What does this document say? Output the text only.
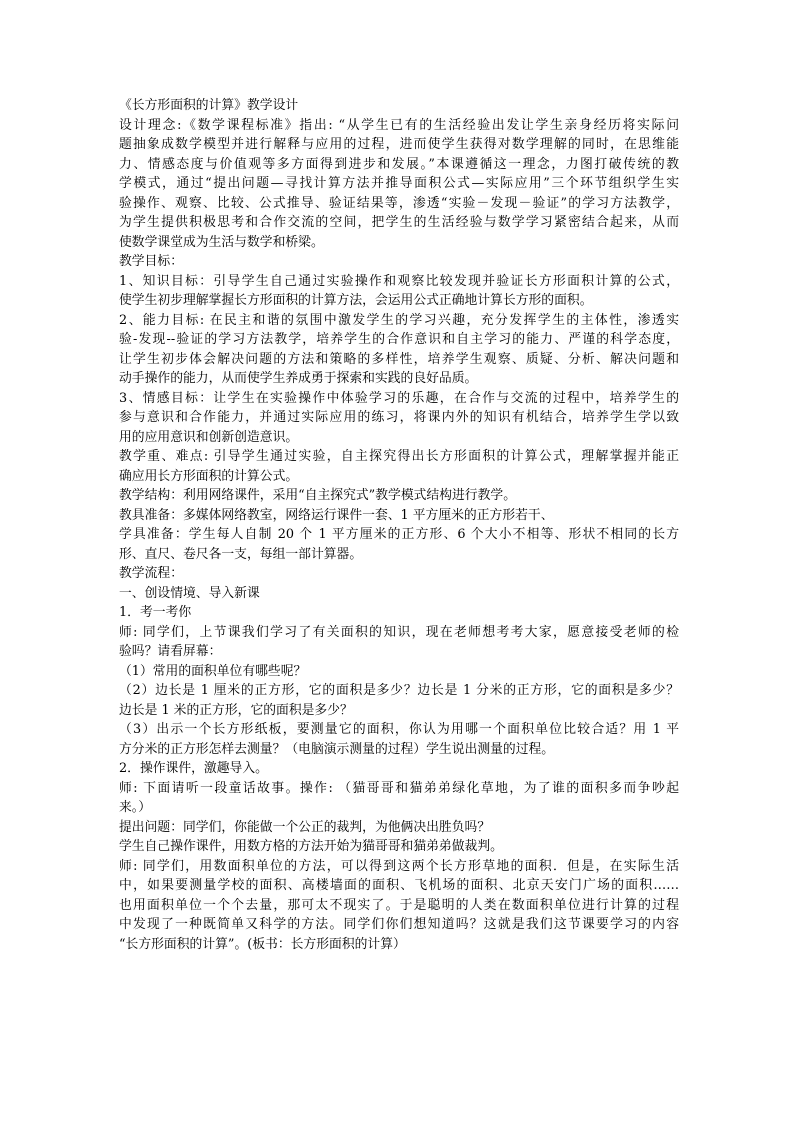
《长方形面积的计算》教学设计
设计理念:《数学课程标准》指出: “从学生已有的生活经验出发让学生亲身经历将实际问
题抽象成数学模型并进行解释与应用的过程，进而使学生获得对数学理解的同时，在思维能
力、情感态度与价值观等多方面得到进步和发展。”本课遵循这一理念，力图打破传统的教
学模式，通过“提出问题—寻找计算方法并推导面积公式—实际应用”三个环节组织学生实
验操作、观察、比较、公式推导、验证结果等，渗透“实验－发现－验证”的学习方法教学，
为学生提供积极思考和合作交流的空间，把学生的生活经验与数学学习紧密结合起来，从而
使数学课堂成为生活与数学和桥梁。
教学目标：
1、知识目标：引导学生自己通过实验操作和观察比较发现并验证长方形面积计算的公式，
使学生初步理解掌握长方形面积的计算方法，会运用公式正确地计算长方形的面积。
2、能力目标: 在民主和谐的氛围中激发学生的学习兴趣，充分发挥学生的主体性，渗透实
验-发现--验证的学习方法教学，培养学生的合作意识和自主学习的能力、严谨的科学态度，
让学生初步体会解决问题的方法和策略的多样性，培养学生观察、质疑、分析、解决问题和
动手操作的能力，从而使学生养成勇于探索和实践的良好品质。
3、情感目标：让学生在实验操作中体验学习的乐趣，在合作与交流的过程中，培养学生的
参与意识和合作能力，并通过实际应用的练习，将课内外的知识有机结合，培养学生学以致
用的应用意识和创新创造意识。
教学重、难点: 引导学生通过实验，自主探究得出长方形面积的计算公式，理解掌握并能正
确应用长方形面积的计算公式。
教学结构：利用网络课件，采用“自主探究式”教学模式结构进行教学。
教具准备：多媒体网络教室，网络运行课件一套、1 平方厘米的正方形若干、
学具准备：学生每人自制 20 个 1 平方厘米的正方形、6 个大小不相等、形状不相同的长方
形、直尺、卷尺各一支，每组一部计算器。
教学流程：
一、创设情境、导入新课
1．考一考你
师: 同学们，上节课我们学习了有关面积的知识，现在老师想考考大家，愿意接受老师的检
验吗？请看屏幕：
（1）常用的面积单位有哪些呢？
（2）边长是 1 厘米的正方形，它的面积是多少？边长是 1 分米的正方形，它的面积是多少？
边长是 1 米的正方形，它的面积是多少？
（3）出示一个长方形纸板，要测量它的面积，你认为用哪一个面积单位比较合适？用 1 平
方分米的正方形怎样去测量？（电脑演示测量的过程）学生说出测量的过程。
2．操作课件，激趣导入。
师: 下面请听一段童话故事。操作: （猫哥哥和猫弟弟绿化草地，为了谁的面积多而争吵起
来。）
提出问题：同学们，你能做一个公正的裁判，为他俩决出胜负吗？
学生自己操作课件，用数方格的方法开始为猫哥哥和猫弟弟做裁判。
师: 同学们，用数面积单位的方法，可以得到这两个长方形草地的面积．但是，在实际生活
中，如果要测量学校的面积、高楼墙面的面积、飞机场的面积、北京天安门广场的面积……
也用面积单位一个个去量，那可太不现实了。于是聪明的人类在数面积单位进行计算的过程
中发现了一种既简单又科学的方法。同学们你们想知道吗？这就是我们这节课要学习的内容
“长方形面积的计算”。(板书：长方形面积的计算）
